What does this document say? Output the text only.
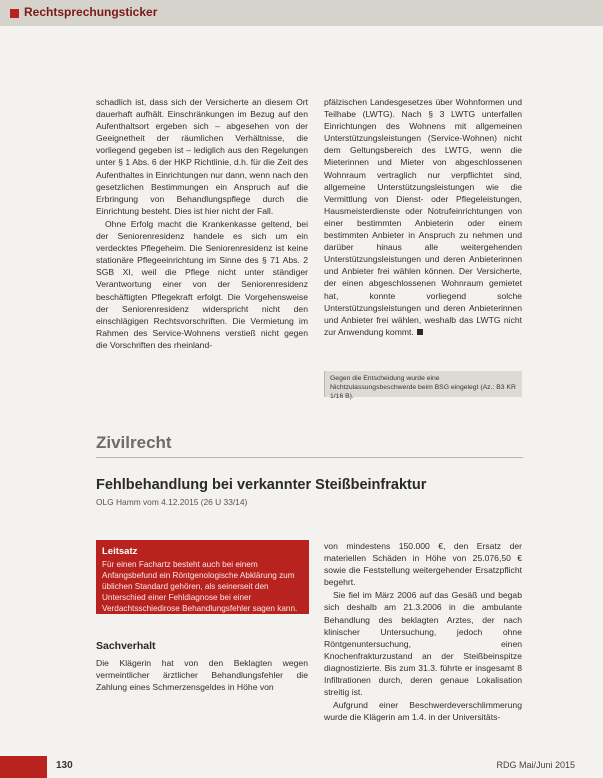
Rechtsprechungsticker

schadlich ist, dass sich der Versicherte an diesem Ort dauerhaft aufhält. Einschränkungen im Bezug auf den Aufenthaltsort ergeben sich – abgesehen von der Geeignetheit der räumlichen Verhältnisse, die vorliegend gegeben ist – lediglich aus den Regelungen unter § 1 Abs. 6 der HKP Richtlinie, d.h. für die Zeit des Aufenthaltes in Einrichtungen nur dann, wenn nach den gesetzlichen Bestimmungen ein Anspruch auf die Erbringung von Behandlungspflege durch die Einrichtung besteht. Dies ist hier nicht der Fall.

Ohne Erfolg macht die Krankenkasse geltend, bei der Seniorenresidenz handele es sich um ein verdecktes Pflegeheim. Die Seniorenresidenz ist keine stationäre Pflegeeinrichtung im Sinne des § 71 Abs. 2 SGB XI, weil die Pflege nicht unter ständiger Verantwortung einer von der Seniorenresidenz beschäftigten Pflegekraft erfolgt. Die Vorgehensweise der Seniorenresidenz widerspricht nicht den einschlägigen Rechtsvorschriften. Die Vermietung im Rahmen des Service-Wohnens verstieß nicht gegen die Vorschriften des rheinland-

pfälzischen Landesgesetzes über Wohnformen und Teilhabe (LWTG). Nach § 3 LWTG unterfallen Einrichtungen des Wohnens mit allgemeinen Unterstützungsleistungen (Service-Wohnen) nicht dem Geltungsbereich des LWTG, wenn die Mieterinnen und Mieter von abgeschlossenen Wohnraum vertraglich nur verpflichtet sind, allgemeine Unterstützungsleistungen wie die Vermittlung von Dienst- oder Pflegeleistungen, Hausmeisterdienste oder Notrufeinrichtungen von einer bestimmten Anbieterin oder einem bestimmten Anbieter in Anspruch zu nehmen und darüber hinaus alle weitergehenden Unterstützungsleistungen und deren Anbieterinnen und Anbieter frei wählen können. Der Versicherte, der einen abgeschlossenen Wohnraum gemietet hat, konnte vorliegend solche Unterstützungsleistungen und deren Anbieterinnen und Anbieter frei wählen, weshalb das LWTG nicht zur Anwendung kommt.

Gegen die Entscheidung wurde eine Nichtzulassungsbeschwerde beim BSG eingelegt (Az.: B3 KR 1/16 B).
Zivilrecht
Fehlbehandlung bei verkannter Steißbeinfraktur
OLG Hamm vom 4.12.2015 (26 U 33/14)
Leitsatz
Für einen Fachartz besteht auch bei einem Anfangsbefund ein Röntgenologische Abklärung zum üblichen Standard gehören, als seinerseit den Unterschied einer Fehldiagnose bei einer Verdachtsschiedirose Behandlungsfehler sagen kann.
Sachverhalt

Die Klägerin hat von den Beklagten wegen vermeintlicher ärztlicher Behandlungsfehler die Zahlung eines Schmerzensgeldes in Höhe von

von mindestens 150.000 €, den Ersatz der materiellen Schäden in Höhe von 25.076,50 € sowie die Feststellung weitergehender Ersatzpflicht begehrt.

Sie fiel im März 2006 auf das Gesäß und begab sich deshalb am 21.3.2006 in die ambulante Behandlung des beklagten Arztes, der nach klinischer Untersuchung, jedoch ohne Röntgenuntersuchung, einen Knochenfrakturzustand an der Steißbeinspitze diagnostizierte. Bis zum 31.3. führte er insgesamt 8 Infiltrationen durch, deren genaue Lokalisation streitig ist.

Aufgrund einer Beschwerdeverschlimmerung wurde die Klägerin am 1.4. in der Universitäts-

130	RDG Mai/Juni 2015
